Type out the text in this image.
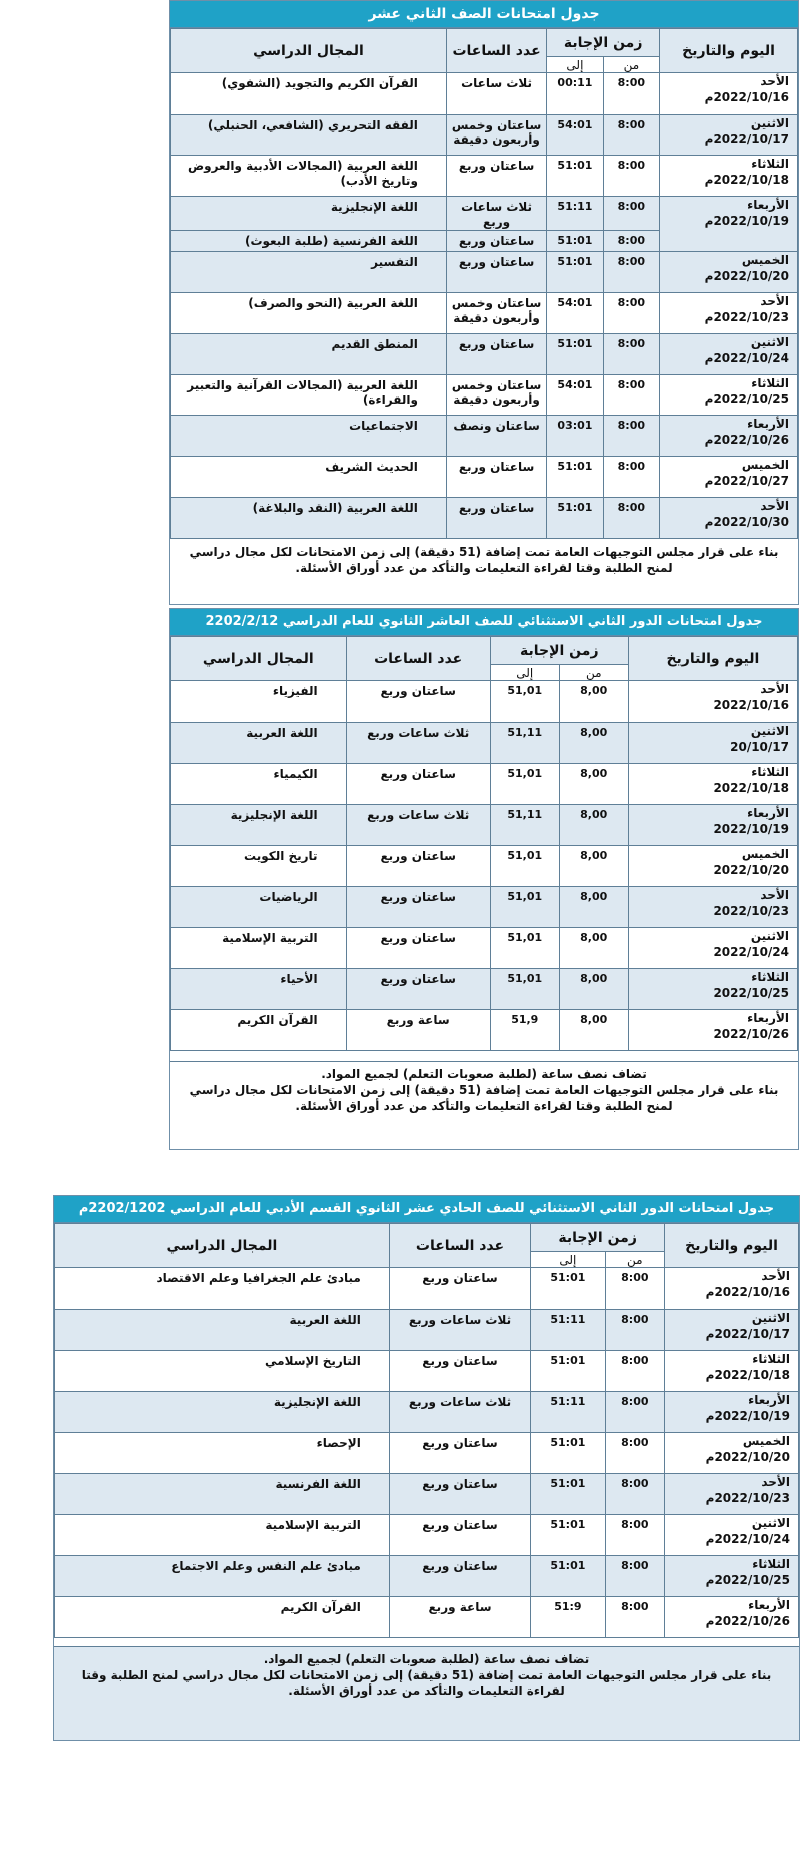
جدول امتحانات الصف الثاني عشر
اليوم والتاريخ	زمن الإجابة		عدد الساعات	المجال الدراسي
	من	إلى		
الأحد
2022/10/16م	8:00	00:11	ثلاث ساعات	القرآن الكريم والتجويد (الشفوي)
الاثنين
2022/10/17م	8:00	54:01	ساعتان وخمس وأربعون دقيقة	الفقه التحريري (الشافعي، الحنبلي)
الثلاثاء
2022/10/18م	8:00	51:01	ساعتان وربع	اللغة العربية (المجالات الأدبية والعروض وتاريخ الأدب)
الأربعاء
2022/10/19م	8:00	51:11	ثلاث ساعات وربع	اللغة الإنجليزية
	8:00	51:01	ساعتان وربع	اللغة الفرنسية (طلبة البعوث)
الخميس
2022/10/20م	8:00	51:01	ساعتان وربع	التفسير
الأحد
2022/10/23م	8:00	54:01	ساعتان وخمس وأربعون دقيقة	اللغة العربية (النحو والصرف)
الاثنين
2022/10/24م	8:00	51:01	ساعتان وربع	المنطق القديم
الثلاثاء
2022/10/25م	8:00	54:01	ساعتان وخمس وأربعون دقيقة	اللغة العربية (المجالات القرآنية والتعبير والقراءة)
الأربعاء
2022/10/26م	8:00	03:01	ساعتان ونصف	الاجتماعيات
الخميس
2022/10/27م	8:00	51:01	ساعتان وربع	الحديث الشريف
الأحد
2022/10/30م	8:00	51:01	ساعتان وربع	اللغة العربية (النقد والبلاغة)
بناء على قرار مجلس التوجيهات العامة تمت إضافة (51 دقيقة) إلى زمن الامتحانات لكل مجال دراسي لمنح الطلبة وقتا لقراءة التعليمات والتأكد من عدد أوراق الأسئلة.
جدول امتحانات الدور الثاني الاستثنائي للصف العاشر الثانوي للعام الدراسي 2202/2/12
اليوم والتاريخ	زمن الإجابة		عدد الساعات	المجال الدراسي
	من	إلى		
الأحد
2022/10/16	8,00	51,01	ساعتان وربع	الفيزياء
الاثنين
20/10/17	8,00	51,11	ثلاث ساعات وربع	اللغة العربية
الثلاثاء
2022/10/18	8,00	51,01	ساعتان وربع	الكيمياء
الأربعاء
2022/10/19	8,00	51,11	ثلاث ساعات وربع	اللغة الإنجليزية
الخميس
2022/10/20	8,00	51,01	ساعتان وربع	تاريخ الكويت
الأحد
2022/10/23	8,00	51,01	ساعتان وربع	الرياضيات
الاثنين
2022/10/24	8,00	51,01	ساعتان وربع	التربية الإسلامية
الثلاثاء
2022/10/25	8,00	51,01	ساعتان وربع	الأحياء
الأربعاء
2022/10/26	8,00	51,9	ساعة وربع	القرآن الكريم
تضاف نصف ساعة (لطلبة صعوبات التعلم) لجميع المواد.
بناء على قرار مجلس التوجيهات العامة تمت إضافة (51 دقيقة) إلى زمن الامتحانات لكل مجال دراسي لمنح الطلبة وقتا لقراءة التعليمات والتأكد من عدد أوراق الأسئلة.
جدول امتحانات الدور الثاني الاستثنائي للصف الحادي عشر الثانوي القسم الأدبي للعام الدراسي 2202/1202م
اليوم والتاريخ	زمن الإجابة		عدد الساعات	المجال الدراسي
	من	إلى		
الأحد
2022/10/16م	8:00	51:01	ساعتان وربع	مبادئ علم الجغرافيا وعلم الاقتصاد
الاثنين
2022/10/17م	8:00	51:11	ثلاث ساعات وربع	اللغة العربية
الثلاثاء
2022/10/18م	8:00	51:01	ساعتان وربع	التاريخ الإسلامي
الأربعاء
2022/10/19م	8:00	51:11	ثلاث ساعات وربع	اللغة الإنجليزية
الخميس
2022/10/20م	8:00	51:01	ساعتان وربع	الإحصاء
الأحد
2022/10/23م	8:00	51:01	ساعتان وربع	اللغة الفرنسية
الاثنين
2022/10/24م	8:00	51:01	ساعتان وربع	التربية الإسلامية
الثلاثاء
2022/10/25م	8:00	51:01	ساعتان وربع	مبادئ علم النفس وعلم الاجتماع
الأربعاء
2022/10/26م	8:00	51:9	ساعة وربع	القرآن الكريم
تضاف نصف ساعة (لطلبة صعوبات التعلم) لجميع المواد.
بناء على قرار مجلس التوجيهات العامة تمت إضافة (51 دقيقة) إلى زمن الامتحانات لكل مجال دراسي لمنح الطلبة وقتا لقراءة التعليمات والتأكد من عدد أوراق الأسئلة.
